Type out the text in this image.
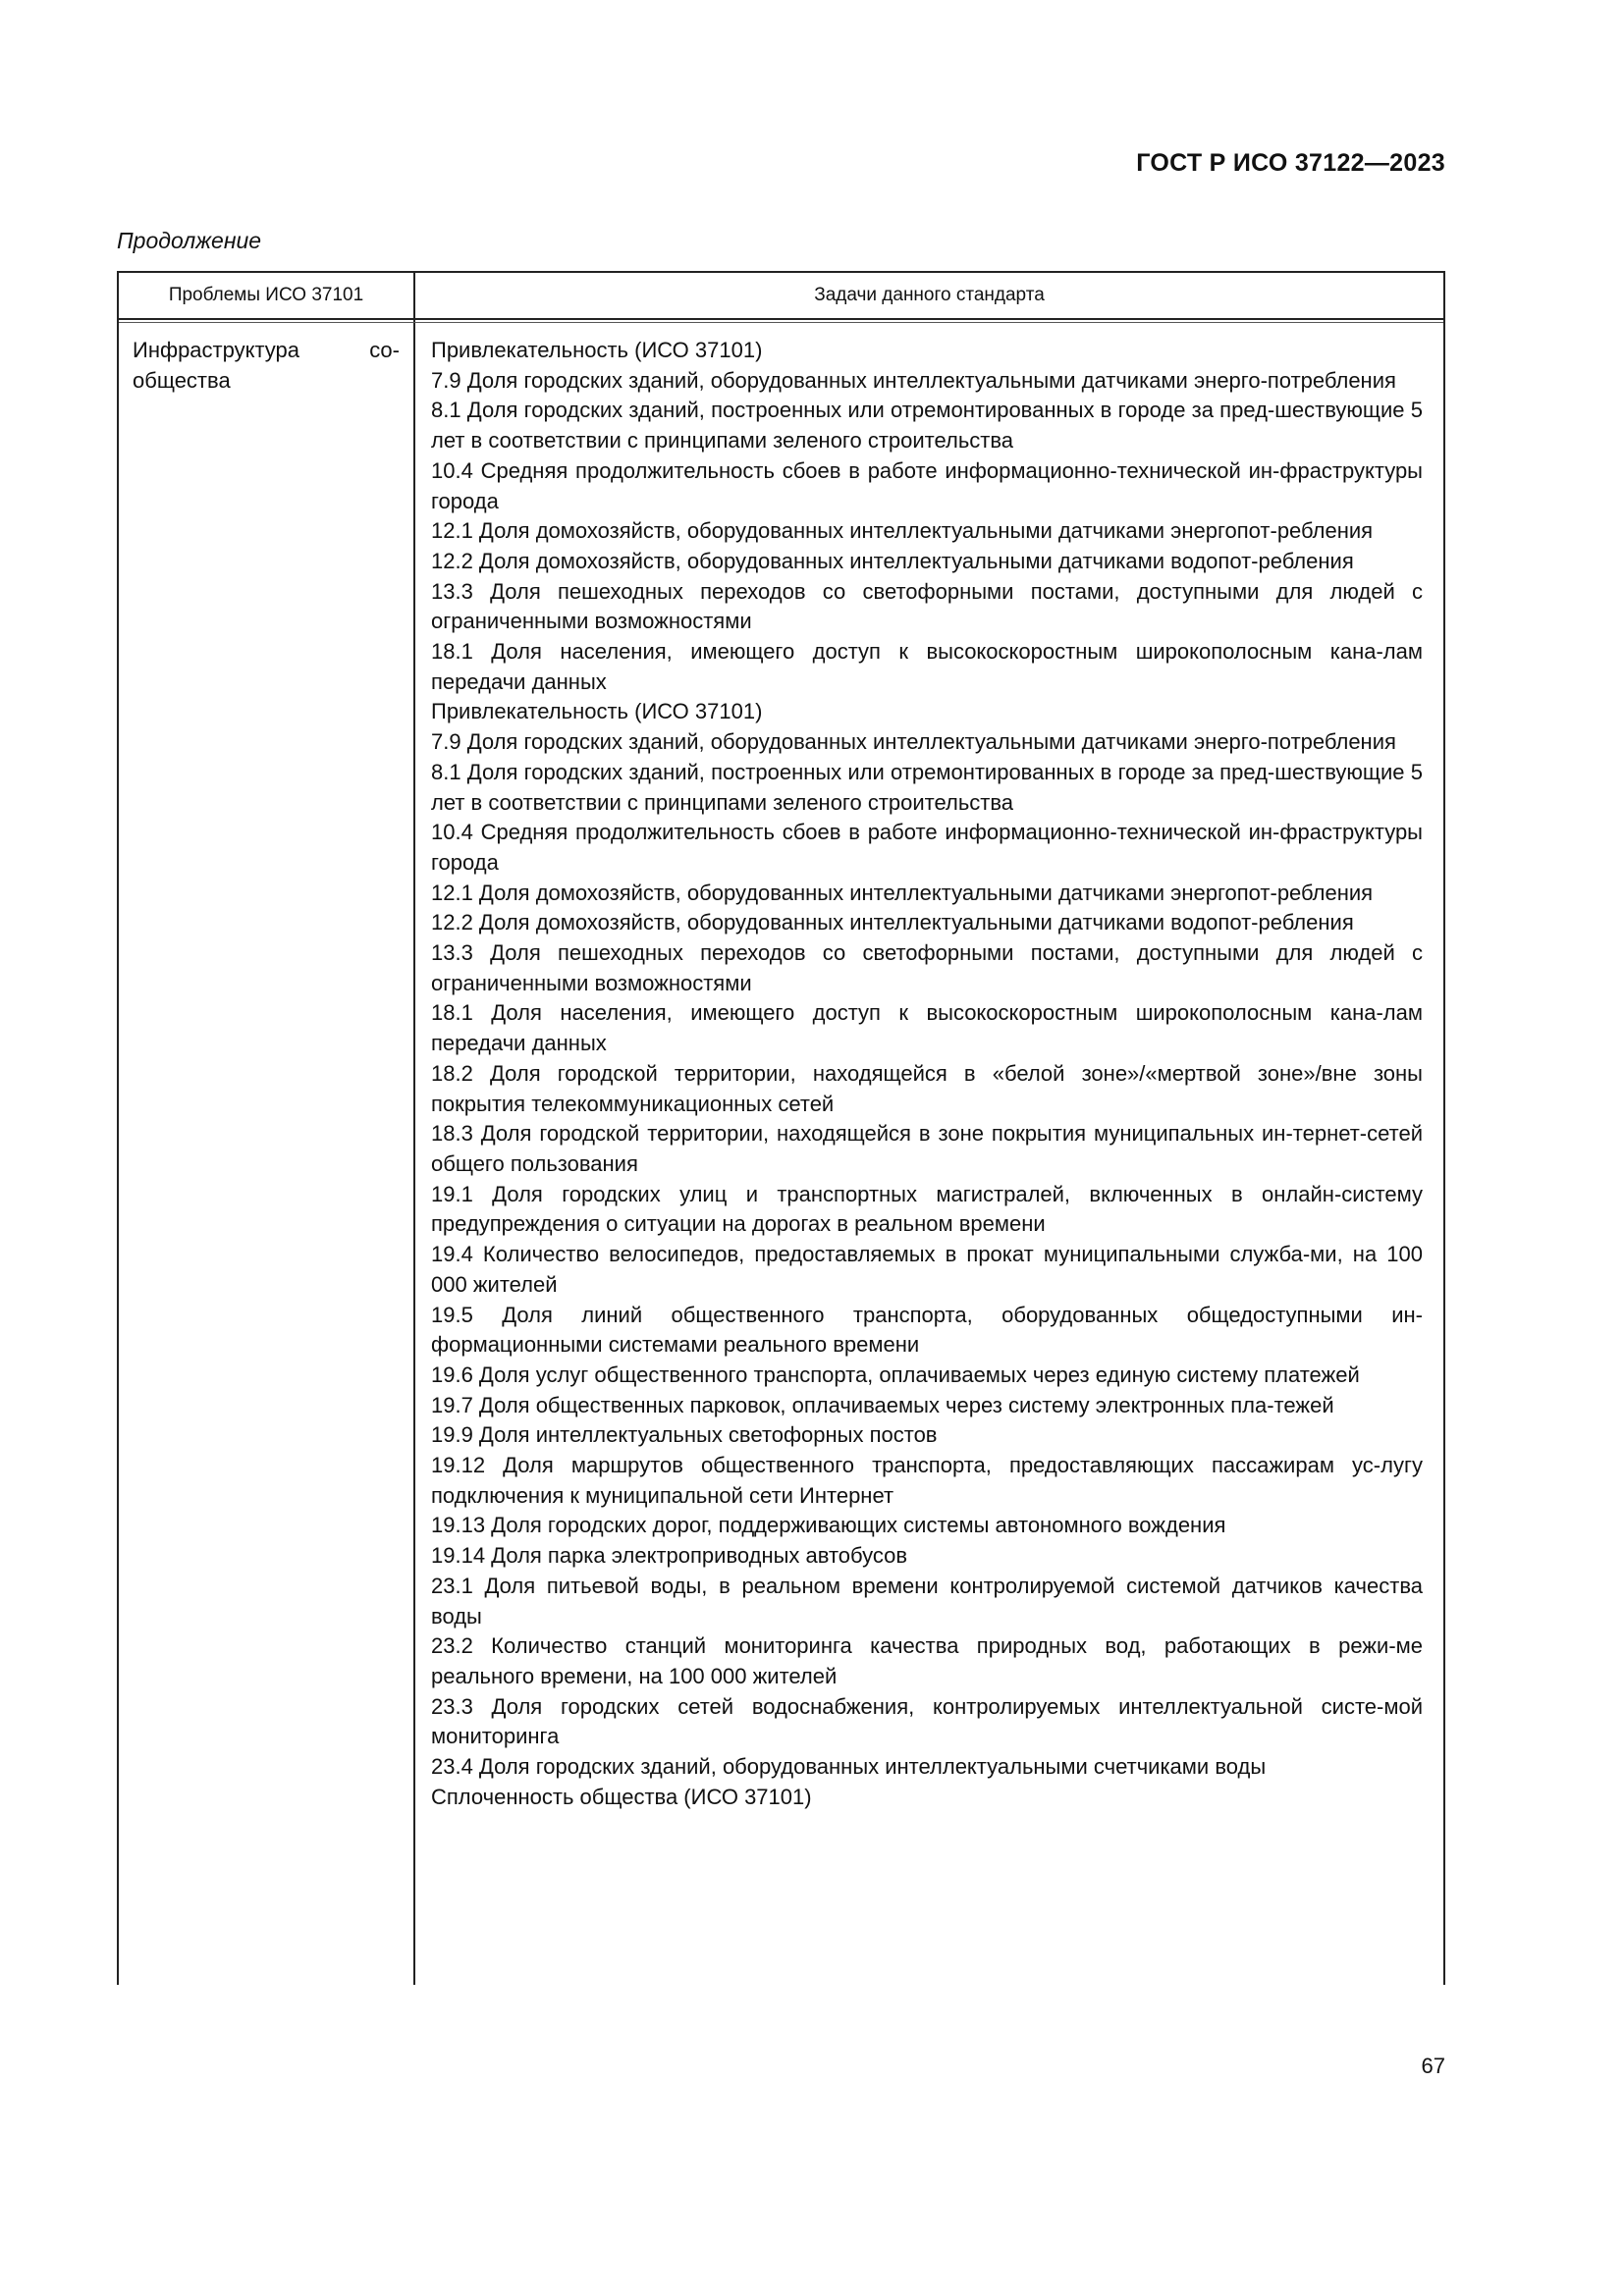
ГОСТ Р ИСО 37122—2023
Продолжение
Проблемы ИСО 37101	Задачи данного стандарта
Инфраструктура	со-
общества
Привлекательность (ИСО 37101)
7.9 Доля городских зданий, оборудованных интеллектуальными датчиками энерго-потребления
8.1 Доля городских зданий, построенных или отремонтированных в городе за пред-шествующие 5 лет в соответствии с принципами зеленого строительства
10.4 Средняя продолжительность сбоев в работе информационно-технической ин-фраструктуры города
12.1 Доля домохозяйств, оборудованных интеллектуальными датчиками энергопот-ребления
12.2 Доля домохозяйств, оборудованных интеллектуальными датчиками водопот-ребления
13.3 Доля пешеходных переходов со светофорными постами, доступными для людей с ограниченными возможностями
18.1 Доля населения, имеющего доступ к высокоскоростным широкополосным кана-лам передачи данных
Привлекательность (ИСО 37101)
7.9 Доля городских зданий, оборудованных интеллектуальными датчиками энерго-потребления
8.1 Доля городских зданий, построенных или отремонтированных в городе за пред-шествующие 5 лет в соответствии с принципами зеленого строительства
10.4 Средняя продолжительность сбоев в работе информационно-технической ин-фраструктуры города
12.1 Доля домохозяйств, оборудованных интеллектуальными датчиками энергопот-ребления
12.2 Доля домохозяйств, оборудованных интеллектуальными датчиками водопот-ребления
13.3 Доля пешеходных переходов со светофорными постами, доступными для людей с ограниченными возможностями
18.1 Доля населения, имеющего доступ к высокоскоростным широкополосным кана-лам передачи данных
18.2 Доля городской территории, находящейся в «белой зоне»/«мертвой зоне»/вне зоны покрытия телекоммуникационных сетей
18.3 Доля городской территории, находящейся в зоне покрытия муниципальных ин-тернет-сетей общего пользования
19.1 Доля городских улиц и транспортных магистралей, включенных в онлайн-систему предупреждения о ситуации на дорогах в реальном времени
19.4 Количество велосипедов, предоставляемых в прокат муниципальными служба-ми, на 100 000 жителей
19.5 Доля линий общественного транспорта, оборудованных общедоступными ин-формационными системами реального времени
19.6 Доля услуг общественного транспорта, оплачиваемых через единую систему платежей
19.7 Доля общественных парковок, оплачиваемых через систему электронных пла-тежей
19.9 Доля интеллектуальных светофорных постов
19.12 Доля маршрутов общественного транспорта, предоставляющих пассажирам ус-лугу подключения к муниципальной сети Интернет
19.13 Доля городских дорог, поддерживающих системы автономного вождения
19.14 Доля парка электроприводных автобусов
23.1 Доля питьевой воды, в реальном времени контролируемой системой датчиков качества воды
23.2 Количество станций мониторинга качества природных вод, работающих в режи-ме реального времени, на 100 000 жителей
23.3 Доля городских сетей водоснабжения, контролируемых интеллектуальной систе-мой мониторинга
23.4 Доля городских зданий, оборудованных интеллектуальными счетчиками воды
Сплоченность общества (ИСО 37101)
67
